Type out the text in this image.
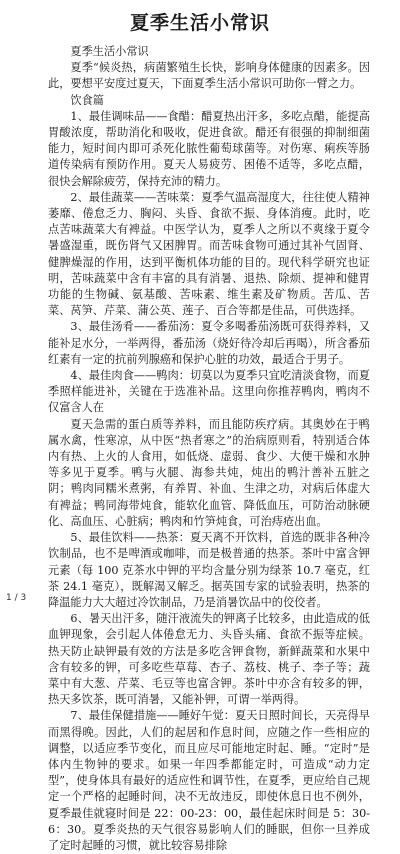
夏季生活小常识

夏季生活小常识

夏季“候炎热，病菌繁殖生长快，影响身体健康的因素多。因此，要想平安度过夏天，下面夏季生活小常识可助你一臂之力。

饮食篇

1、最佳调味品——食醋：醋夏热出汗多，多吃点醋，能提高胃酸浓度，帮助消化和吸收，促进食欲。醋还有很强的抑制细菌能力，短时间内即可杀死化脓性葡萄球菌等。对伤寒、痢疾等肠道传染病有预防作用。夏天人易疲劳、困倦不适等，多吃点醋，很快会解除疲劳，保持充沛的精力。

2、最佳蔬菜——苦味菜：夏季气温高湿度大，往往使人精神萎靡、倦怠乏力、胸闷、头昏、食欲不振、身体消瘦。此时，吃点苦味蔬菜大有裨益。中医学认为，夏季人之所以不爽缘于夏令暑盛湿重，既伤肾气又困脾胃。而苦味食物可通过其补气固肾、健脾燥湿的作用，达到平衡机体功能的目的。现代科学研究也证明，苦味蔬菜中含有丰富的具有消暑、退热、除烦、提神和健胃功能的生物碱、氨基酸、苦味素、维生素及矿物质。苦瓜、苦菜、莴笋、芹菜、蒲公英、莲子、百合等都是佳品，可供选择。

3、最佳汤肴——番茄汤：夏令多喝番茄汤既可获得养料，又能补足水分，一举两得，番茄汤（烧好待冷却后再喝），所含番茄红素有一定的抗前列腺癌和保护心脏的功效，最适合于男子。

4、最佳肉食——鸭肉：切莫以为夏季只宜吃清淡食物，而夏季照样能进补，关键在于选准补品。这里向你推荐鸭肉，鸭肉不仅富含人在

夏天急需的蛋白质等养料，而且能防疾疗病。其奥妙在于鸭属水禽，性寒凉，从中医“热者寒之”的治病原则看，特别适合体内有热、上火的人食用，如低烧、虚弱、食少、大便干燥和水肿等多见于夏季。鸭与火腿、海参共炖，炖出的鸭汁善补五脏之阴；鸭肉同糯米煮粥，有养胃、补血、生津之功，对病后体虚大有裨益；鸭同海带炖食，能软化血管、降低血压，可防治动脉硬化、高血压、心脏病；鸭肉和竹笋炖食，可治痔疮出血。

5、最佳饮料——热茶：夏天离不开饮料，首选的既非各种冷饮制品，也不是啤酒或咖啡，而是极普通的热茶。茶叶中富含钾元素（每 100 克茶水中钾的平均含量分别为绿茶 10.7 毫克，红茶 24.1 毫克），既解渴又解乏。据英国专家的试验表明，热茶的降温能力大大超过冷饮制品，乃是消暑饮品中的佼佼者。

6、暑天出汗多，随汗液流失的钾离子比较多，由此造成的低血钾现象，会引起人体倦怠无力、头昏头痛、食欲不振等症候。热天防止缺钾最有效的方法是多吃含钾食物，新鲜蔬菜和水果中含有较多的钾，可多吃些草莓、杏子、荔枝、桃子、李子等；蔬菜中有大葱、芹菜、毛豆等也富含钾。茶叶中亦含有较多的钾，热天多饮茶，既可消暑，又能补钾，可谓一举两得。

7、最佳保健措施——睡好午觉：夏天日照时间长，天亮得早而黑得晚。因此，人们的起居和作息时间，应随之作一些相应的调整，以适应季节变化，而且应尽可能地定时起、睡。“定时”是体内生物钟的要求。如果一年四季都能定时，可造成“动力定型”，使身体具有最好的适应性和调节性，在夏季，更应给自己规定一个严格的起睡时间，决不无故违反，即使休息日也不例外，夏季最佳就寝时间是 22：00-23：00，最佳起床时间是 5：30-6：30。夏季炎热的天气很容易影响人们的睡眠，但你一旦养成了定时起睡的习惯，就比较容易排除

1 / 3
